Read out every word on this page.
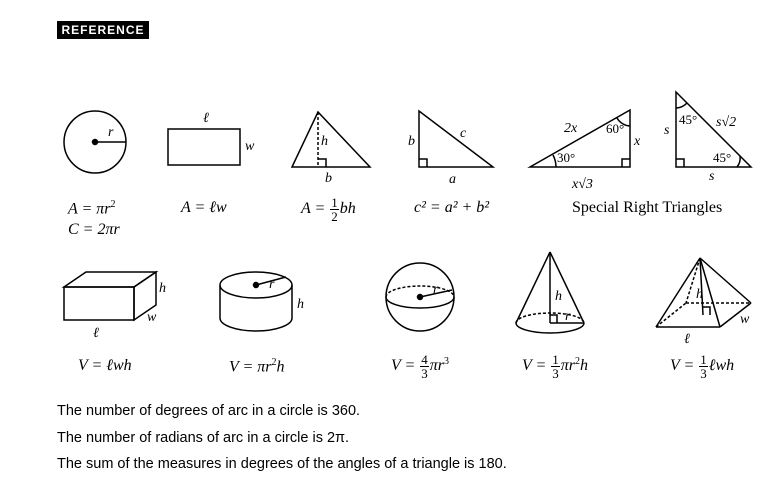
REFERENCE
r
ℓ
w	h
b
b
c
a
2x
x
x√3
30°
60°	s
45° s√2
45°
s
h
w
ℓ
r
h
r	h
r
h
w
ℓ
$A = \pi r^2$
C = 2πr
A = ℓw	$A = \frac{1}{2}$ bh	c² = a² + b²	Special Right Triangles
V = ℓwh	$V = \pi r^2h$	$V = \frac{4}{3} \pi r^3$	$V = \frac{1}{3} \pi r^2h$	$V = \frac{1}{3}$ ℓwh
The number of degrees of arc in a circle is 360.
The number of radians of arc in a circle is 2π.
The sum of the measures in degrees of the angles of a triangle is 180.
